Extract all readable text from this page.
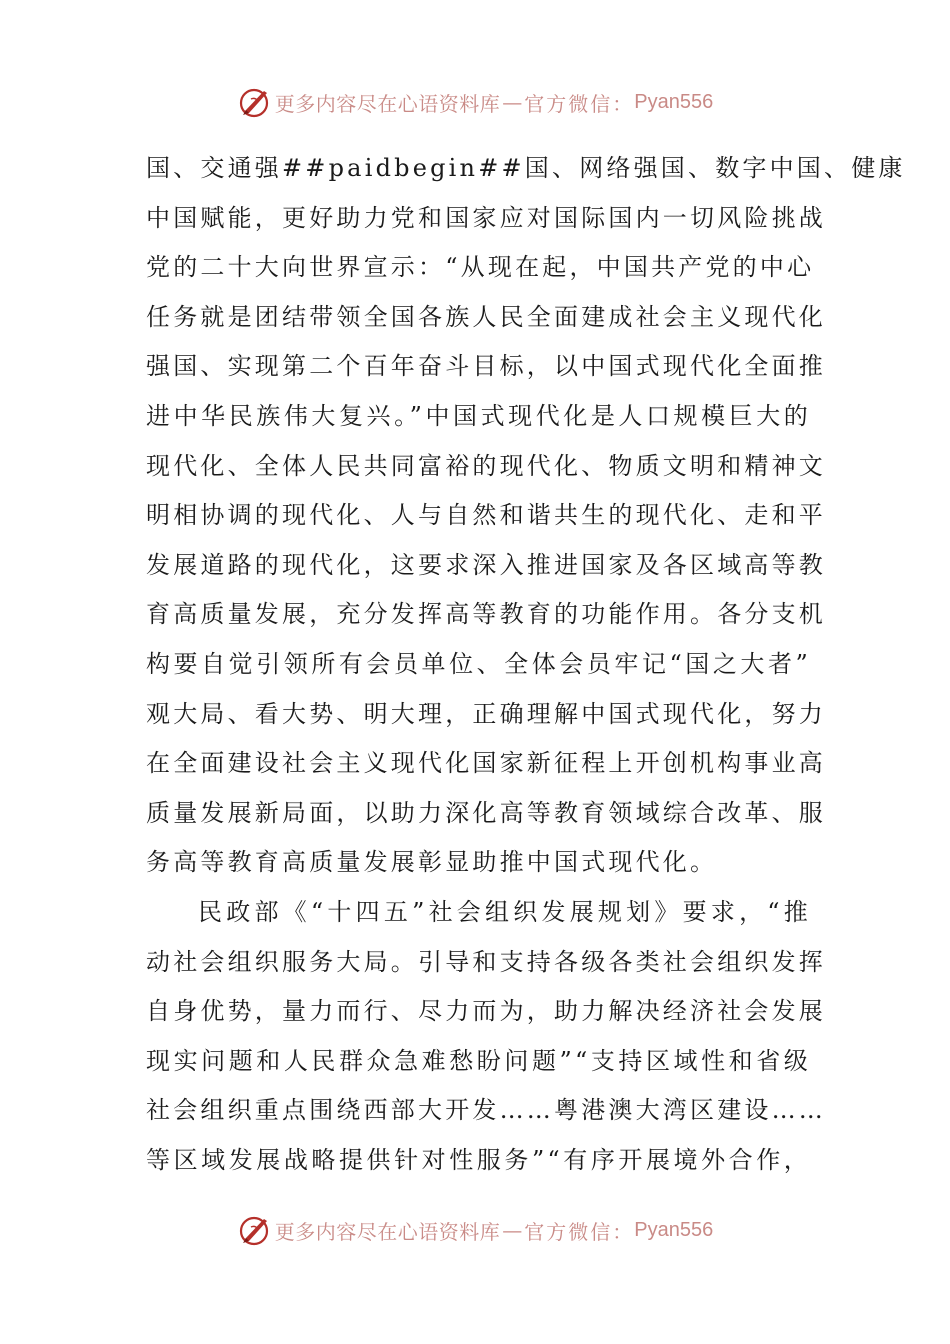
更多内容尽在心语资料库 — 官方微信： Pyan556
国、交通强##paidbegin##国、网络强国、数字中国、健康
中国赋能，更好助力党和国家应对国际国内一切风险挑战
党的二十大向世界宣示：“从现在起，中国共产党的中心
任务就是团结带领全国各族人民全面建成社会主义现代化
强国、实现第二个百年奋斗目标，以中国式现代化全面推
进中华民族伟大复兴。”中国式现代化是人口规模巨大的
现代化、全体人民共同富裕的现代化、物质文明和精神文
明相协调的现代化、人与自然和谐共生的现代化、走和平
发展道路的现代化，这要求深入推进国家及各区域高等教
育高质量发展，充分发挥高等教育的功能作用。各分支机
构要自觉引领所有会员单位、全体会员牢记“国之大者”
观大局、看大势、明大理，正确理解中国式现代化，努力
在全面建设社会主义现代化国家新征程上开创机构事业高
质量发展新局面，以助力深化高等教育领域综合改革、服
务高等教育高质量发展彰显助推中国式现代化。
民政部《“十四五”社会组织发展规划》要求，“推
动社会组织服务大局。引导和支持各级各类社会组织发挥
自身优势，量力而行、尽力而为，助力解决经济社会发展
现实问题和人民群众急难愁盼问题”“支持区域性和省级
社会组织重点围绕西部大开发……粤港澳大湾区建设……
等区域发展战略提供针对性服务”“有序开展境外合作，
更多内容尽在心语资料库 — 官方微信： Pyan556
